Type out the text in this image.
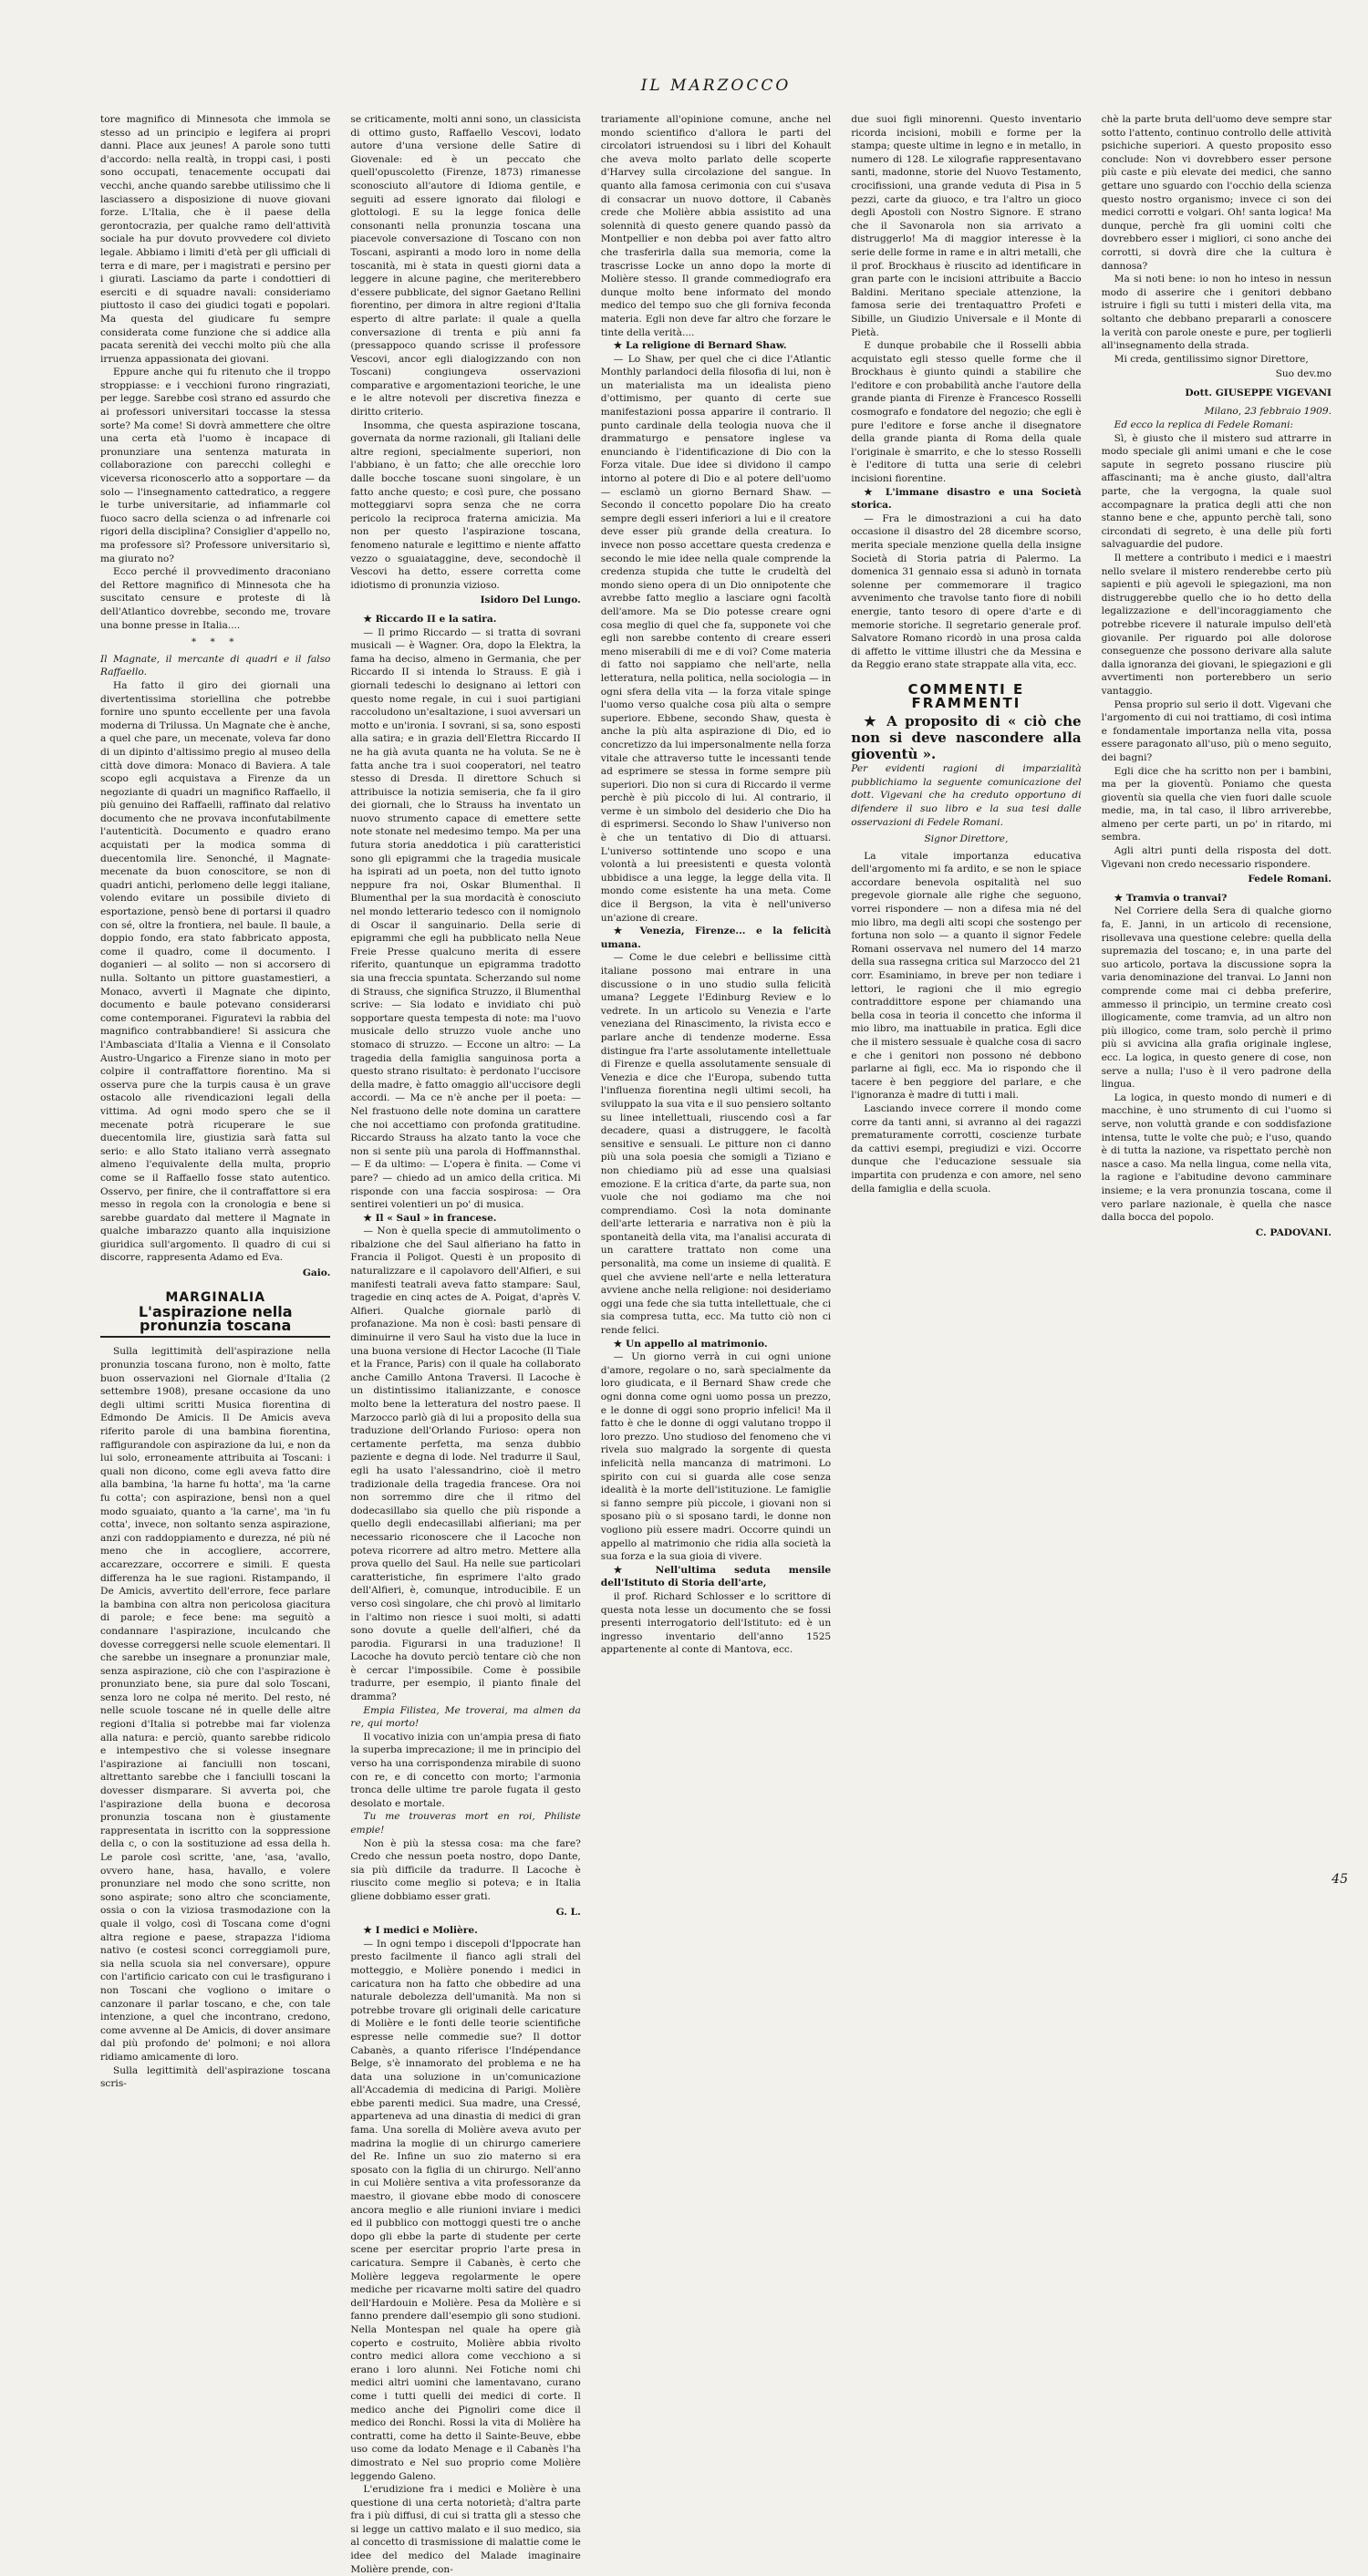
IL MARZOCCO

tore magnifico di Minnesota che immola se stesso ad un principio e legifera ai propri danni. Place aux jeunes! A parole sono tutti d'accordo: nella realtà, in troppi casi, i posti sono occupati, tenacemente occupati dai vecchi, anche quando sarebbe utilissimo che li lasciassero a disposizione di nuove giovani forze. L'Italia, che è il paese della gerontocrazia, per qualche ramo dell'attività sociale ha pur dovuto provvedere col divieto legale. Abbiamo i limiti d'età per gli ufficiali di terra e di mare, per i magistrati e persino per i giurati. Lasciamo da parte i condottieri di eserciti e di squadre navali: consideriamo piuttosto il caso dei giudici togati e popolari. Ma questa del giudicare fu sempre considerata come funzione che si addice alla pacata serenità dei vecchi molto più che alla irruenza appassionata dei giovani.

Eppure anche qui fu ritenuto che il troppo stroppiasse: e i vecchioni furono ringraziati, per legge. Sarebbe così strano ed assurdo che ai professori universitari toccasse la stessa sorte? Ma come! Si dovrà ammettere che oltre una certa età l'uomo è incapace di pronunziare una sentenza maturata in collaborazione con parecchi colleghi e viceversa riconoscerlo atto a sopportare — da solo — l'insegnamento cattedratico, a reggere le turbe universitarie, ad infiammarle col fuoco sacro della scienza o ad infrenarle coi rigori della disciplina? Consiglier d'appello no, ma professore sì? Professore universitario sì, ma giurato no?

Ecco perché il provvedimento draconiano del Rettore magnifico di Minnesota che ha suscitato censure e proteste di là dell'Atlantico dovrebbe, secondo me, trovare una bonne presse in Italia....

* * *

Il Magnate, il mercante di quadri e il falso Raffaello.

Ha fatto il giro dei giornali una divertentissima storiellina che potrebbe fornire uno spunto eccellente per una favola moderna di Trilussa. Un Magnate che è anche, a quel che pare, un mecenate, voleva far dono di un dipinto d'altissimo pregio al museo della città dove dimora: Monaco di Baviera. A tale scopo egli acquistava a Firenze da un negoziante di quadri un magnifico Raffaello, il più genuino dei Raffaelli, raffinato dal relativo documento che ne provava inconfutabilmente l'autenticità. Documento e quadro erano acquistati per la modica somma di duecentomila lire. Senonché, il Magnate-mecenate da buon conoscitore, se non di quadri antichi, perlomeno delle leggi italiane, volendo evitare un possibile divieto di esportazione, pensò bene di portarsi il quadro con sé, oltre la frontiera, nel baule. Il baule, a doppio fondo, era stato fabbricato apposta, come il quadro, come il documento. I doganieri — al solito — non si accorsero di nulla. Soltanto un pittore guastamestieri, a Monaco, avvertì il Magnate che dipinto, documento e baule potevano considerarsi come contemporanei. Figuratevi la rabbia del magnifico contrabbandiere! Si assicura che l'Ambasciata d'Italia a Vienna e il Consolato Austro-Ungarico a Firenze siano in moto per colpire il contraffattore fiorentino. Ma si osserva pure che la turpis causa è un grave ostacolo alle rivendicazioni legali della vittima. Ad ogni modo spero che se il mecenate potrà ricuperare le sue duecentomila lire, giustizia sarà fatta sul serio: e allo Stato italiano verrà assegnato almeno l'equivalente della multa, proprio come se il Raffaello fosse stato autentico. Osservo, per finire, che il contraffattore si era messo in regola con la cronologia e bene si sarebbe guardato dal mettere il Magnate in qualche imbarazzo quanto alla inquisizione giuridica sull'argomento. Il quadro di cui si discorre, rappresenta Adamo ed Eva.

Gaio.
MARGINALIA
L'aspirazione nella pronunzia toscana

Sulla legittimità dell'aspirazione nella pronunzia toscana furono, non è molto, fatte buon osservazioni nel Giornale d'Italia (2 settembre 1908), presane occasione da uno degli ultimi scritti Musica fiorentina di Edmondo De Amicis. Il De Amicis aveva riferito parole di una bambina fiorentina, raffigurandole con aspirazione da lui, e non da lui solo, erroneamente attribuita ai Toscani: i quali non dicono, come egli aveva fatto dire alla bambina, 'la harne fu hotta', ma 'la carne fu cotta'; con aspirazione, bensì non a quel modo sguaiato, quanto a 'la carne', ma 'in fu cotta', invece, non soltanto senza aspirazione, anzi con raddoppiamento e durezza, né più né meno che in accogliere, accorrere, accarezzare, occorrere e simili. E questa differenza ha le sue ragioni. Ristampando, il De Amicis, avvertito dell'errore, fece parlare la bambina con altra non pericolosa giacitura di parole; e fece bene: ma seguitò a condannare l'aspirazione, inculcando che dovesse correggersi nelle scuole elementari. Il che sarebbe un insegnare a pronunziar male, senza aspirazione, ciò che con l'aspirazione è pronunziato bene, sia pure dal solo Toscani, senza loro ne colpa né merito. Del resto, né nelle scuole toscane né in quelle delle altre regioni d'Italia si potrebbe mai far violenza alla natura: e perciò, quanto sarebbe ridicolo e intempestivo che si volesse insegnare l'aspirazione ai fanciulli non toscani, altrettanto sarebbe che i fanciulli toscani la dovesser dismparare. Si avverta poi, che l'aspirazione della buona e decorosa pronunzia toscana non è giustamente rappresentata in iscritto con la soppressione della c, o con la sostituzione ad essa della h. Le parole così scritte, 'ane, 'asa, 'avallo, ovvero hane, hasa, havallo, e volere pronunziare nel modo che sono scritte, non sono aspirate; sono altro che sconciamente, ossia o con la viziosa trasmodazione con la quale il volgo, così di Toscana come d'ogni altra regione e paese, strapazza l'idioma nativo (e costesi sconci correggiamoli pure, sia nella scuola sia nel conversare), oppure con l'artificio caricato con cui le trasfigurano i non Toscani che vogliono o imitare o canzonare il parlar toscano, e che, con tale intenzione, a quel che incontrano, credono, come avvenne al De Amicis, di dover ansimare dal più profondo de' polmoni; e noi allora ridiamo amicamente di loro.

Sulla legittimità dell'aspirazione toscana scris-

se criticamente, molti anni sono, un classicista di ottimo gusto, Raffaello Vescovi, lodato autore d'una versione delle Satire di Giovenale: ed è un peccato che quell'opuscoletto (Firenze, 1873) rimanesse sconosciuto all'autore di Idioma gentile, e seguiti ad essere ignorato dai filologi e glottologi. E su la legge fonica delle consonanti nella pronunzia toscana una piacevole conversazione di Toscano con non Toscani, aspiranti a modo loro in nome della toscanità, mi è stata in questi giorni data a leggere in alcune pagine, che meriterebbero d'essere pubblicate, del signor Gaetano Rellini fiorentino, per dimora in altre regioni d'Italia esperto di altre parlate: il quale a quella conversazione di trenta e più anni fa (pressappoco quando scrisse il professore Vescovi, ancor egli dialogizzando con non Toscani) congiungeva osservazioni comparative e argomentazioni teoriche, le une e le altre notevoli per discretiva finezza e diritto criterio.

Insomma, che questa aspirazione toscana, governata da norme razionali, gli Italiani delle altre regioni, specialmente superiori, non l'abbiano, è un fatto; che alle orecchie loro dalle bocche toscane suoni singolare, è un fatto anche questo; e così pure, che possano motteggiarvi sopra senza che ne corra pericolo la reciproca fraterna amicizia. Ma non per questo l'aspirazione toscana, fenomeno naturale e legittimo e niente affatto vezzo o sguaiataggine, deve, secondochè il Vescovi ha detto, essere corretta come idiotismo di pronunzia vizioso.

Isidoro Del Lungo.

★ Riccardo II e la satira.

— Il primo Riccardo — si tratta di sovrani musicali — è Wagner. Ora, dopo la Elektra, la fama ha deciso, almeno in Germania, che per Riccardo II si intenda lo Strauss. E già i giornali tedeschi lo designano ai lettori con questo nome regale, in cui i suoi partigiani raccoludono un'esaltazione, i suoi avversari un motto e un'ironia. I sovrani, si sa, sono esposti alla satira; e in grazia dell'Elettra Riccardo II ne ha già avuta quanta ne ha voluta. Se ne è fatta anche tra i suoi cooperatori, nel teatro stesso di Dresda. Il direttore Schuch si attribuisce la notizia semiseria, che fa il giro dei giornali, che lo Strauss ha inventato un nuovo strumento capace di emettere sette note stonate nel medesimo tempo. Ma per una futura storia aneddotica i più caratteristici sono gli epigrammi che la tragedia musicale ha ispirati ad un poeta, non del tutto ignoto neppure fra noi, Oskar Blumenthal. Il Blumenthal per la sua mordacità è conosciuto nel mondo letterario tedesco con il nomignolo di Oscar il sanguinario. Della serie di epigrammi che egli ha pubblicato nella Neue Freie Presse qualcuno merita di essere riferito, quantunque un epigramma tradotto sia una freccia spuntata. Scherzando sul nome di Strauss, che significa Struzzo, il Blumenthal scrive: — Sia lodato e invidiato chi può sopportare questa tempesta di note: ma l'uovo musicale dello struzzo vuole anche uno stomaco di struzzo. — Eccone un altro: — La tragedia della famiglia sanguinosa porta a questo strano risultato: è perdonato l'uccisore della madre, è fatto omaggio all'uccisore degli accordi. — Ma ce n'è anche per il poeta: — Nel frastuono delle note domina un carattere che noi accettiamo con profonda gratitudine. Riccardo Strauss ha alzato tanto la voce che non si sente più una parola di Hoffmannsthal. — E da ultimo: — L'opera è finita. — Come vi pare? — chiedo ad un amico della critica. Mi risponde con una faccia sospirosa: — Ora sentirei volentieri un po' di musica.

★ Il « Saul » in francese.

— Non è quella specie di ammutolimento o ribalzione che del Saul alfieriano ha fatto in Francia il Poligot. Questi è un proposito di naturalizzare e il capolavoro dell'Alfieri, e sui manifesti teatrali aveva fatto stampare: Saul, tragedie en cinq actes de A. Poigat, d'après V. Alfieri. Qualche giornale parlò di profanazione. Ma non è così: basti pensare di diminuirne il vero Saul ha visto due la luce in una buona versione di Hector Lacoche (Il Tiale et la France, Paris) con il quale ha collaborato anche Camillo Antona Traversi. Il Lacoche è un distintissimo italianizzante, e conosce molto bene la letteratura del nostro paese. Il Marzocco parlò già di lui a proposito della sua traduzione dell'Orlando Furioso: opera non certamente perfetta, ma senza dubbio paziente e degna di lode. Nel tradurre il Saul, egli ha usato l'alessandrino, cioè il metro tradizionale della tragedia francese. Ora noi non sorremmo dire che il ritmo del dodecasillabo sia quello che più risponde a quello degli endecasillabi alfieriani; ma per necessario riconoscere che il Lacoche non poteva ricorrere ad altro metro. Mettere alla prova quello del Saul. Ha nelle sue particolari caratteristiche, fin esprimere l'alto grado dell'Alfieri, è, comunque, introducibile. E un verso così singolare, che chi provò al limitarlo in l'altimo non riesce i suoi molti, si adatti sono dovute a quelle dell'alfieri, ché da parodia. Figurarsi in una traduzione! Il Lacoche ha dovuto perciò tentare ciò che non è cercar l'impossibile. Come è possibile tradurre, per esempio, il pianto finale del dramma?

Empia Filistea, Me troverai, ma almen da re, qui morto!

Il vocativo inizia con un'ampia presa di fiato la superba imprecazione; il me in principio del verso ha una corrispondenza mirabile di suono con re, e di concetto con morto; l'armonia tronca delle ultime tre parole fugata il gesto desolato e mortale.

Tu me trouveras mort en roi, Philiste empie!

Non è più la stessa cosa: ma che fare? Credo che nessun poeta nostro, dopo Dante, sia più difficile da tradurre. Il Lacoche è riuscito come meglio si poteva; e in Italia gliene dobbiamo esser grati.

G. L.

★ I medici e Molière.

— In ogni tempo i discepoli d'Ippocrate han presto facilmente il fianco agli strali del motteggio, e Molière ponendo i medici in caricatura non ha fatto che obbedire ad una naturale debolezza dell'umanità. Ma non si potrebbe trovare gli originali delle caricature di Molière e le fonti delle teorie scientifiche espresse nelle commedie sue? Il dottor Cabanès, a quanto riferisce l'Indépendance Belge, s'è innamorato del problema e ne ha data una soluzione in un'comunicazione all'Accademia di medicina di Parigi. Molière ebbe parenti medici. Sua madre, una Cressé, apparteneva ad una dinastia di medici di gran fama. Una sorella di Molière aveva avuto per madrina la moglie di un chirurgo cameriere del Re. Infine un suo zio materno si era sposato con la figlia di un chirurgo. Nell'anno in cui Molière sentiva a vita professoranze da maestro, il giovane ebbe modo di conoscere ancora meglio e alle riunioni inviare i medici ed il pubblico con mottoggi questi tre o anche dopo gli ebbe la parte di studente per certe scene per esercitar proprio l'arte presa in caricatura. Sempre il Cabanès, è certo che Molière leggeva regolarmente le opere mediche per ricavarne molti satire del quadro dell'Hardouin e Molière. Pesa da Molière e si fanno prendere dall'esempio gli sono studioni. Nella Montespan nel quale ha opere già coperto e costruito, Molière abbia rivolto contro medici allora come vecchiono a si erano i loro alunni. Nei Fotiche nomi chi medici altri uomini che lamentavano, curano come i tutti quelli dei medici di corte. Il medico anche dei Pignoliri come dice il medico dei Ronchi. Rossi la vita di Molière ha contratti, come ha detto il Sainte-Beuve, ebbe uso come da lodato Menage e il Cabanès l'ha dimostrato e Nel suo proprio come Molière leggendo Galeno.

L'erudizione fra i medici e Molière è una questione di una certa notorietà; d'altra parte fra i più diffusi, di cui si tratta gli a stesso che si legge un cattivo malato e il suo medico, sia al concetto di trasmissione di malattie come le idee del medico del Malade imaginaire Molière prende, con-

trariamente all'opinione comune, anche nel mondo scientifico d'allora le parti del circolatori istruendosi su i libri del Kohault che aveva molto parlato delle scoperte d'Harvey sulla circolazione del sangue. In quanto alla famosa cerimonia con cui s'usava di consacrar un nuovo dottore, il Cabanès crede che Molière abbia assistito ad una solennità di questo genere quando passò da Montpellier e non debba poi aver fatto altro che trasferirla dalla sua memoria, come la trascrisse Locke un anno dopo la morte di Molière stesso. Il grande commediografo era dunque molto bene informato del mondo medico del tempo suo che gli forniva feconda materia. Egli non deve far altro che forzare le tinte della verità....

★ La religione di Bernard Shaw.

— Lo Shaw, per quel che ci dice l'Atlantic Monthly parlandoci della filosofia di lui, non è un materialista ma un idealista pieno d'ottimismo, per quanto di certe sue manifestazioni possa apparire il contrario. Il punto cardinale della teologia nuova che il drammaturgo e pensatore inglese va enunciando è l'identificazione di Dio con la Forza vitale. Due idee si dividono il campo intorno al potere di Dio e al potere dell'uomo — esclamò un giorno Bernard Shaw. — Secondo il concetto popolare Dio ha creato sempre degli esseri inferiori a lui e il creatore deve esser più grande della creatura. Io invece non posso accettare questa credenza e secondo le mie idee nella quale comprende la credenza stupida che tutte le crudeltà del mondo sieno opera di un Dio onnipotente che avrebbe fatto meglio a lasciare ogni facoltà dell'amore. Ma se Dio potesse creare ogni cosa meglio di quel che fa, supponete voi che egli non sarebbe contento di creare esseri meno miserabili di me e di voi? Come materia di fatto noi sappiamo che nell'arte, nella letteratura, nella politica, nella sociologia — in ogni sfera della vita — la forza vitale spinge l'uomo verso qualche cosa più alta o sempre superiore. Ebbene, secondo Shaw, questa è anche la più alta aspirazione di Dio, ed io concretizzo da lui impersonalmente nella forza vitale che attraverso tutte le incessanti tende ad esprimere se stessa in forme sempre più superiori. Dio non si cura di Riccardo il verme perchè è più piccolo di lui. Al contrario, il verme è un simbolo del desiderio che Dio ha di esprimersi. Secondo lo Shaw l'universo non è che un tentativo di Dio di attuarsi. L'universo sottintende uno scopo e una volontà a lui preesistenti e questa volontà ubbidisce a una legge, la legge della vita. Il mondo come esistente ha una meta. Come dice il Bergson, la vita è nell'universo un'azione di creare.

★ Venezia, Firenze... e la felicità umana.

— Come le due celebri e bellissime città italiane possono mai entrare in una discussione o in uno studio sulla felicità umana? Leggete l'Edinburg Review e lo vedrete. In un articolo su Venezia e l'arte veneziana del Rinascimento, la rivista ecco e parlare anche di tendenze moderne. Essa distingue fra l'arte assolutamente intellettuale di Firenze e quella assolutamente sensuale di Venezia e dice che l'Europa, subendo tutta l'influenza fiorentina negli ultimi secoli, ha sviluppato la sua vita e il suo pensiero soltanto su linee intellettuali, riuscendo così a far decadere, quasi a distruggere, le facoltà sensitive e sensuali. Le pitture non ci danno più una sola poesia che somigli a Tiziano e non chiediamo più ad esse una qualsiasi emozione. E la critica d'arte, da parte sua, non vuole che noi godiamo ma che noi comprendiamo. Così la nota dominante dell'arte letteraria e narrativa non è più la spontaneità della vita, ma l'analisi accurata di un carattere trattato non come una personalità, ma come un insieme di qualità. E quel che avviene nell'arte e nella letteratura avviene anche nella religione: noi desideriamo oggi una fede che sia tutta intellettuale, che ci sia compresa tutta, ecc. Ma tutto ciò non ci rende felici.

★ Un appello al matrimonio.

— Un giorno verrà in cui ogni unione d'amore, regolare o no, sarà specialmente da loro giudicata, e il Bernard Shaw crede che ogni donna come ogni uomo possa un prezzo, e le donne di oggi sono proprio infelici! Ma il fatto è che le donne di oggi valutano troppo il loro prezzo. Uno studioso del fenomeno che vi rivela suo malgrado la sorgente di questa infelicità nella mancanza di matrimoni. Lo spirito con cui si guarda alle cose senza idealità è la morte dell'istituzione. Le famiglie si fanno sempre più piccole, i giovani non si sposano più o si sposano tardi, le donne non vogliono più essere madri. Occorre quindi un appello al matrimonio che ridia alla società la sua forza e la sua gioia di vivere.

★ Nell'ultima seduta mensile dell'Istituto di Storia dell'arte,

il prof. Richard Schlosser e lo scrittore di questa nota lesse un documento che se fossi presenti interrogatorio dell'Istituto: ed è un ingresso inventario dell'anno 1525 appartenente al conte di Mantova, ecc.

due suoi figli minorenni. Questo inventario ricorda incisioni, mobili e forme per la stampa; queste ultime in legno e in metallo, in numero di 128. Le xilografie rappresentavano santi, madonne, storie del Nuovo Testamento, crocifissioni, una grande veduta di Pisa in 5 pezzi, carte da giuoco, e tra l'altro un gioco degli Apostoli con Nostro Signore. E strano che il Savonarola non sia arrivato a distruggerlo! Ma di maggior interesse è la serie delle forme in rame e in altri metalli, che il prof. Brockhaus è riuscito ad identificare in gran parte con le incisioni attribuite a Baccio Baldini. Meritano speciale attenzione, la famosa serie dei trentaquattro Profeti e Sibille, un Giudizio Universale e il Monte di Pietà.

E dunque probabile che il Rosselli abbia acquistato egli stesso quelle forme che il Brockhaus è giunto quindi a stabilire che l'editore e con probabilità anche l'autore della grande pianta di Firenze è Francesco Rosselli cosmografo e fondatore del negozio; che egli è pure l'editore e forse anche il disegnatore della grande pianta di Roma della quale l'originale è smarrito, e che lo stesso Rosselli è l'editore di tutta una serie di celebri incisioni fiorentine.

★ L'immane disastro e una Società storica.

— Fra le dimostrazioni a cui ha dato occasione il disastro del 28 dicembre scorso, merita speciale menzione quella della insigne Società di Storia patria di Palermo. La domenica 31 gennaio essa si adunò in tornata solenne per commemorare il tragico avvenimento che travolse tanto fiore di nobili energie, tanto tesoro di opere d'arte e di memorie storiche. Il segretario generale prof. Salvatore Romano ricordò in una prosa calda di affetto le vittime illustri che da Messina e da Reggio erano state strappate alla vita, ecc.

COMMENTI E FRAMMENTI

★ A proposito di « ciò che non si deve nascondere alla gioventù ».

Per evidenti ragioni di imparzialità pubblichiamo la seguente comunicazione del dott. Vigevani che ha creduto opportuno di difendere il suo libro e la sua tesi dalle osservazioni di Fedele Romani.

Signor Direttore,

La vitale importanza educativa dell'argomento mi fa ardito, e se non le spiace accordare benevola ospitalità nel suo pregevole giornale alle righe che seguono, vorrei rispondere — non a difesa mia né del mio libro, ma degli alti scopi che sostengo per fortuna non solo — a quanto il signor Fedele Romani osservava nel numero del 14 marzo della sua rassegna critica sul Marzocco del 21 corr. Esaminiamo, in breve per non tediare i lettori, le ragioni che il mio egregio contraddittore espone per chiamando una bella cosa in teoria il concetto che informa il mio libro, ma inattuabile in pratica. Egli dice che il mistero sessuale è qualche cosa di sacro e che i genitori non possono né debbono parlarne ai figli, ecc. Ma io rispondo che il tacere è ben peggiore del parlare, e che l'ignoranza è madre di tutti i mali.

Lasciando invece correre il mondo come corre da tanti anni, si avranno al dei ragazzi prematuramente corrotti, coscienze turbate da cattivi esempi, pregiudizi e vizi. Occorre dunque che l'educazione sessuale sia impartita con prudenza e con amore, nel seno della famiglia e della scuola.

chè la parte bruta dell'uomo deve sempre star sotto l'attento, continuo controllo delle attività psichiche superiori. A questo proposito esso conclude: Non vi dovrebbero esser persone più caste e più elevate dei medici, che sanno gettare uno sguardo con l'occhio della scienza questo nostro organismo; invece ci son dei medici corrotti e volgari. Oh! santa logica! Ma dunque, perchè fra gli uomini colti che dovrebbero esser i migliori, ci sono anche dei corrotti, si dovrà dire che la cultura è dannosa?

Ma si noti bene: io non ho inteso in nessun modo di asserire che i genitori debbano istruire i figli su tutti i misteri della vita, ma soltanto che debbano prepararli a conoscere la verità con parole oneste e pure, per toglierli all'insegnamento della strada.

Mi creda, gentilissimo signor Direttore,

Suo dev.mo
Dott. GIUSEPPE VIGEVANI

Milano, 23 febbraio 1909.

Ed ecco la replica di Fedele Romani:

Sì, è giusto che il mistero sud attrarre in modo speciale gli animi umani e che le cose sapute in segreto possano riuscire più affascinanti; ma è anche giusto, dall'altra parte, che la vergogna, la quale suol accompagnare la pratica degli atti che non stanno bene e che, appunto perchè tali, sono circondati di segreto, è una delle più forti salvaguardie del pudore.

Il mettere a contributo i medici e i maestri nello svelare il mistero renderebbe certo più sapienti e più agevoli le spiegazioni, ma non distruggerebbe quello che io ho detto della legalizzazione e dell'incoraggiamento che potrebbe ricevere il naturale impulso dell'età giovanile. Per riguardo poi alle dolorose conseguenze che possono derivare alla salute dalla ignoranza dei giovani, le spiegazioni e gli avvertimenti non porterebbero un serio vantaggio.

Pensa proprio sul serio il dott. Vigevani che l'argomento di cui noi trattiamo, di così intima e fondamentale importanza nella vita, possa essere paragonato all'uso, più o meno seguito, dei bagni?

Egli dice che ha scritto non per i bambini, ma per la gioventù. Poniamo che questa gioventù sia quella che vien fuori dalle scuole medie, ma, in tal caso, il libro arriverebbe, almeno per certe parti, un po' in ritardo, mi sembra.

Agli altri punti della risposta del dott. Vigevani non credo necessario rispondere.

Fedele Romani.

★ Tramvia o tranvai?

Nel Corriere della Sera di qualche giorno fa, E. Janni, in un articolo di recensione, risollevava una questione celebre: quella della supremazia del toscano; e, in una parte del suo articolo, portava la discussione sopra la varia denominazione del tranvai. Lo Janni non comprende come mai ci debba preferire, ammesso il principio, un termine creato così illogicamente, come tramvia, ad un altro non più illogico, come tram, solo perchè il primo più si avvicina alla grafia originale inglese, ecc. La logica, in questo genere di cose, non serve a nulla; l'uso è il vero padrone della lingua.

La logica, in questo mondo di numeri e di macchine, è uno strumento di cui l'uomo si serve, non voluttà grande e con soddisfazione intensa, tutte le volte che può; e l'uso, quando è di tutta la nazione, va rispettato perchè non nasce a caso. Ma nella lingua, come nella vita, la ragione e l'abitudine devono camminare insieme; e la vera pronunzia toscana, come il vero parlare nazionale, è quella che nasce dalla bocca del popolo.

C. PADOVANI.
45
